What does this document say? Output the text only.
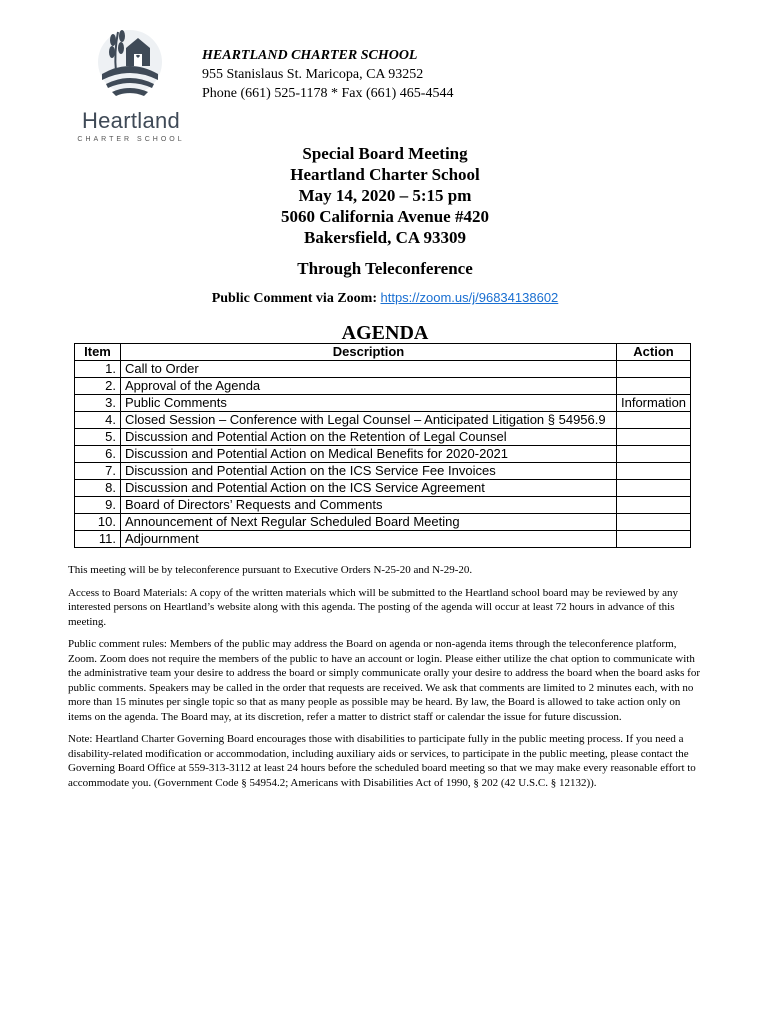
Heartland
CHARTER SCHOOL
HEARTLAND CHARTER SCHOOL
955 Stanislaus St. Maricopa, CA 93252
Phone (661) 525-1178 * Fax (661) 465-4544
Special Board Meeting
Heartland Charter School
May 14, 2020 – 5:15 pm
5060 California Avenue #420
Bakersfield, CA 93309
Through Teleconference
Public Comment via Zoom: https://zoom.us/j/96834138602
AGENDA
Item	Description	Action
1.	Call to Order	
2.	Approval of the Agenda	
3.	Public Comments	Information
4.	Closed Session – Conference with Legal Counsel – Anticipated Litigation § 54956.9	
5.	Discussion and Potential Action on the Retention of Legal Counsel	
6.	Discussion and Potential Action on Medical Benefits for 2020-2021	
7.	Discussion and Potential Action on the ICS Service Fee Invoices	
8.	Discussion and Potential Action on the ICS Service Agreement	
9.	Board of Directors’ Requests and Comments	
10.	Announcement of Next Regular Scheduled Board Meeting	
11.	Adjournment	

This meeting will be by teleconference pursuant to Executive Orders N-25-20 and N-29-20.

Access to Board Materials: A copy of the written materials which will be submitted to the Heartland school board may be reviewed by any interested persons on Heartland’s website along with this agenda. The posting of the agenda will occur at least 72 hours in advance of this meeting.

Public comment rules: Members of the public may address the Board on agenda or non-agenda items through the teleconference platform, Zoom. Zoom does not require the members of the public to have an account or login. Please either utilize the chat option to communicate with the administrative team your desire to address the board or simply communicate orally your desire to address the board when the board asks for public comments. Speakers may be called in the order that requests are received. We ask that comments are limited to 2 minutes each, with no more than 15 minutes per single topic so that as many people as possible may be heard. By law, the Board is allowed to take action only on items on the agenda. The Board may, at its discretion, refer a matter to district staff or calendar the issue for future discussion.

Note: Heartland Charter Governing Board encourages those with disabilities to participate fully in the public meeting process. If you need a disability-related modification or accommodation, including auxiliary aids or services, to participate in the public meeting, please contact the Governing Board Office at 559-313-3112 at least 24 hours before the scheduled board meeting so that we may make every reasonable effort to accommodate you. (Government Code § 54954.2; Americans with Disabilities Act of 1990, § 202 (42 U.S.C. § 12132)).
